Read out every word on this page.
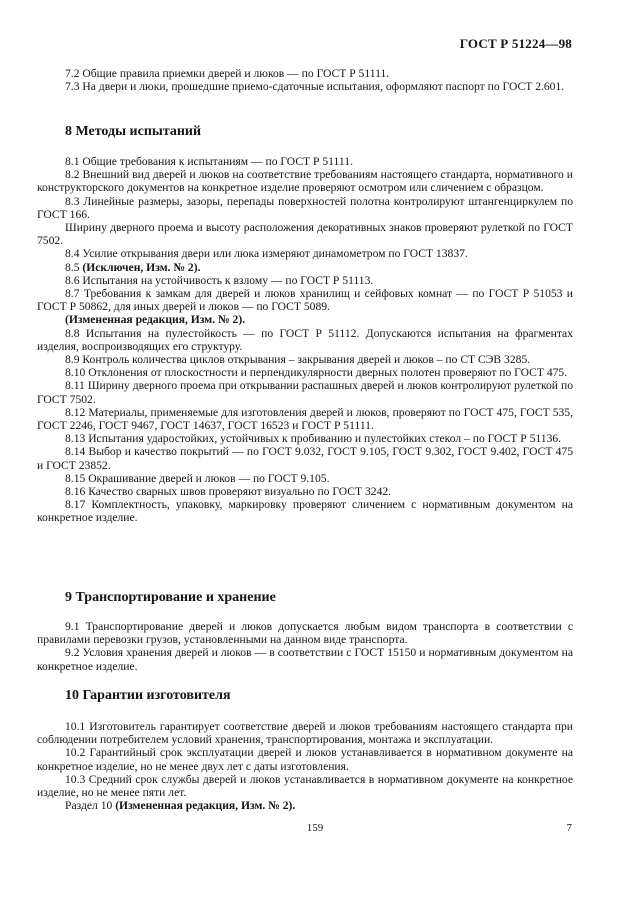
ГОСТ Р 51224—98

7.2 Общие правила приемки дверей и люков — по ГОСТ Р 51111.

7.3 На двери и люки, прошедшие приемо-сдаточные испытания, оформляют паспорт по ГОСТ 2.601.

8 Методы испытаний

8.1 Общие требования к испытаниям — по ГОСТ Р 51111.

8.2 Внешний вид дверей и люков на соответствие требованиям настоящего стандарта, нормативного и конструкторского документов на конкретное изделие проверяют осмотром или сличением с образцом.

8.3 Линейные размеры, зазоры, перепады поверхностей полотна контролируют штангенциркулем по ГОСТ 166.

Ширину дверного проема и высоту расположения декоративных знаков проверяют рулеткой по ГОСТ 7502.

8.4 Усилие открывания двери или люка измеряют динамометром по ГОСТ 13837.

8.5 (Исключен, Изм. № 2).

8.6 Испытания на устойчивость к взлому — по ГОСТ Р 51113.

8.7 Требования к замкам для дверей и люков хранилищ и сейфовых комнат — по ГОСТ Р 51053 и ГОСТ Р 50862, для иных дверей и люков — по ГОСТ 5089.

(Измененная редакция, Изм. № 2).

8.8 Испытания на пулестойкость — по ГОСТ Р 51112. Допускаются испытания на фрагментах изделия, воспроизводящих его структуру.

8.9 Контроль количества циклов открывания – закрывания дверей и люков – по СТ СЭВ 3285.

8.10 Отклонения от плоскостности и перпендикулярности дверных полотен проверяют по ГОСТ 475.

8.11 Ширину дверного проема при открывании распашных дверей и люков контролируют рулеткой по ГОСТ 7502.

8.12 Материалы, применяемые для изготовления дверей и люков, проверяют по ГОСТ 475, ГОСТ 535, ГОСТ 2246, ГОСТ 9467, ГОСТ 14637, ГОСТ 16523 и ГОСТ Р 51111.

8.13 Испытания ударостойких, устойчивых к пробиванию и пулестойких стекол – по ГОСТ Р 51136.

8.14 Выбор и качество покрытий — по ГОСТ 9.032, ГОСТ 9.105, ГОСТ 9.302, ГОСТ 9.402, ГОСТ 475 и ГОСТ 23852.

8.15 Окрашивание дверей и люков — по ГОСТ 9.105.

8.16 Качество сварных швов проверяют визуально по ГОСТ 3242.

8.17 Комплектность, упаковку, маркировку проверяют сличением с нормативным документом на конкретное изделие.

9 Транспортирование и хранение

9.1 Транспортирование дверей и люков допускается любым видом транспорта в соответствии с правилами перевозки грузов, установленными на данном виде транспорта.

9.2 Условия хранения дверей и люков — в соответствии с ГОСТ 15150 и нормативным документом на конкретное изделие.

10 Гарантии изготовителя

10.1 Изготовитель гарантирует соответствие дверей и люков требованиям настоящего стандарта при соблюдении потребителем условий хранения, транспортирования, монтажа и эксплуатации.

10.2 Гарантийный срок эксплуатации дверей и люков устанавливается в нормативном документе на конкретное изделие, но не менее двух лет с даты изготовления.

10.3 Средний срок службы дверей и люков устанавливается в нормативном документе на конкретное изделие, но не менее пяти лет.

Раздел 10 (Измененная редакция, Изм. № 2).

159	7
